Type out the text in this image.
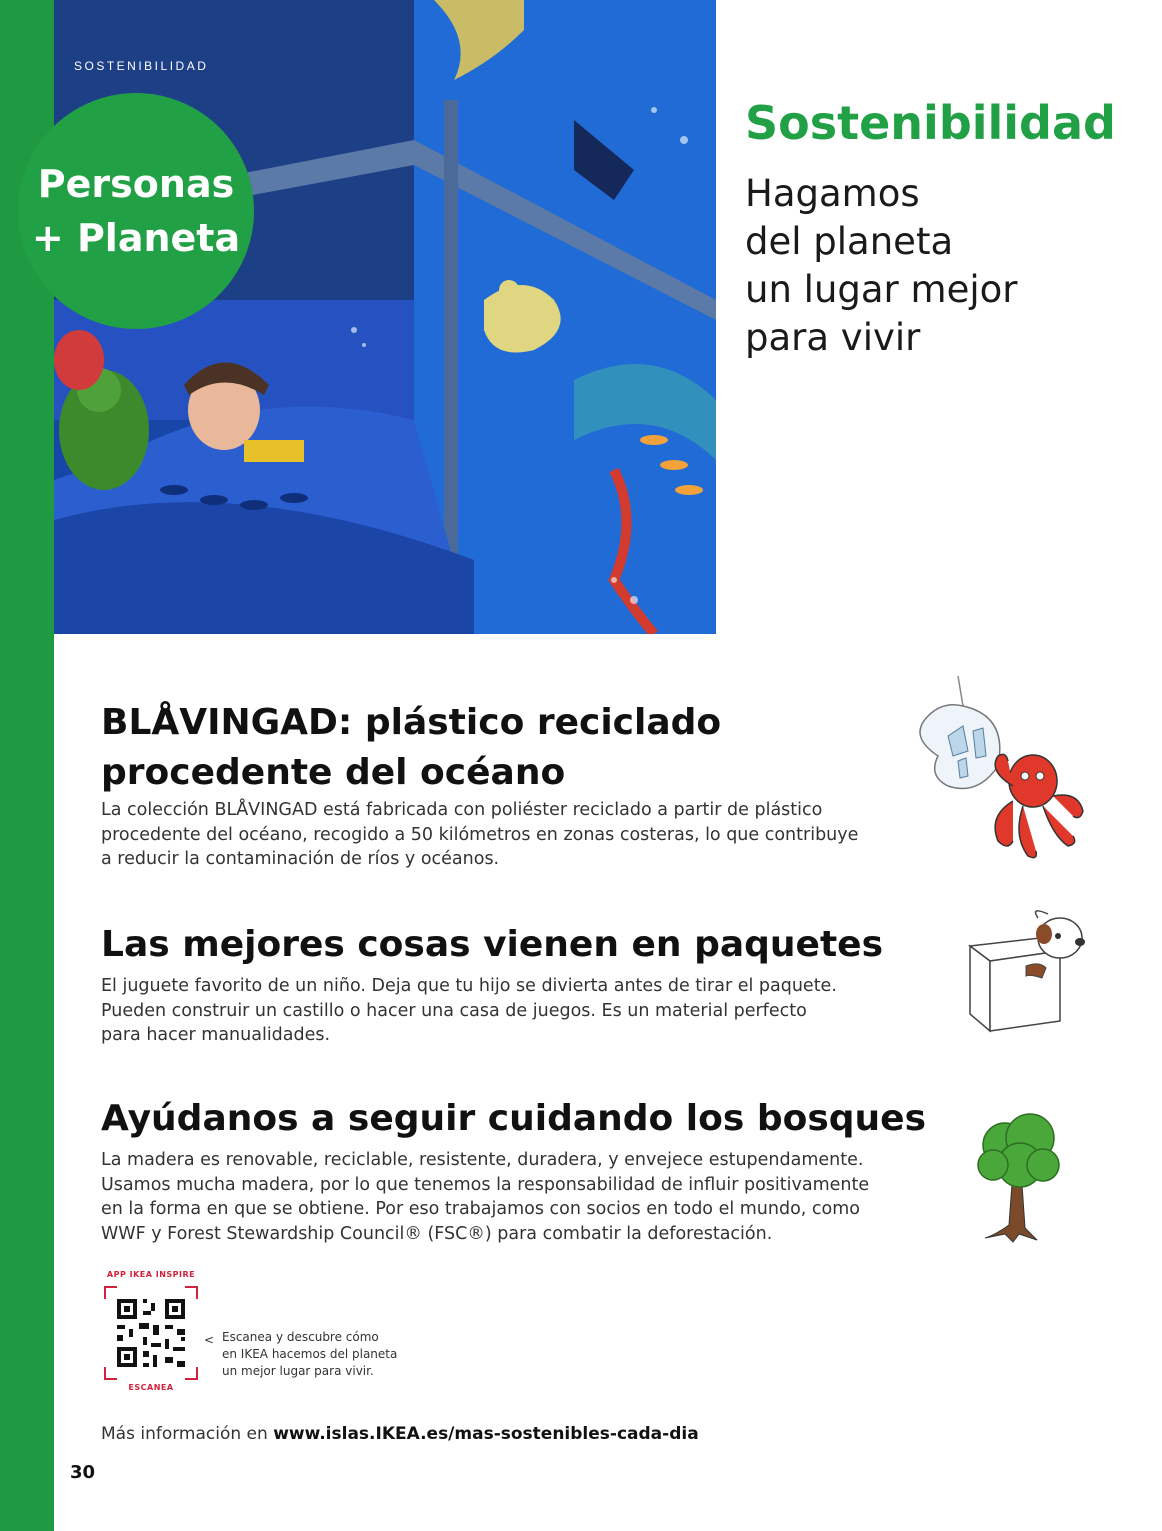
SOSTENIBILIDAD
Personas
+ Planeta
Sostenibilidad
Hagamos
del planeta
un lugar mejor
para vivir
BLÅVINGAD: plástico reciclado
procedente del océano

La colección BLÅVINGAD está fabricada con poliéster reciclado a partir de plástico
procedente del océano, recogido a 50 kilómetros en zonas costeras, lo que contribuye
a reducir la contaminación de ríos y océanos.

Las mejores cosas vienen en paquetes

El juguete favorito de un niño. Deja que tu hijo se divierta antes de tirar el paquete.
Pueden construir un castillo o hacer una casa de juegos. Es un material perfecto
para hacer manualidades.

Ayúdanos a seguir cuidando los bosques

La madera es renovable, reciclable, resistente, duradera, y envejece estupendamente.
Usamos mucha madera, por lo que tenemos la responsabilidad de influir positivamente
en la forma en que se obtiene. Por eso trabajamos con socios en todo el mundo, como
WWF y Forest Stewardship Council® (FSC®) para combatir la deforestación.

APP IKEA INSPIRE
ESCANEA
< Escanea y descubre cómo
en IKEA hacemos del planeta
un mejor lugar para vivir.
Más información en www.islas.IKEA.es/mas-sostenibles-cada-dia
30
